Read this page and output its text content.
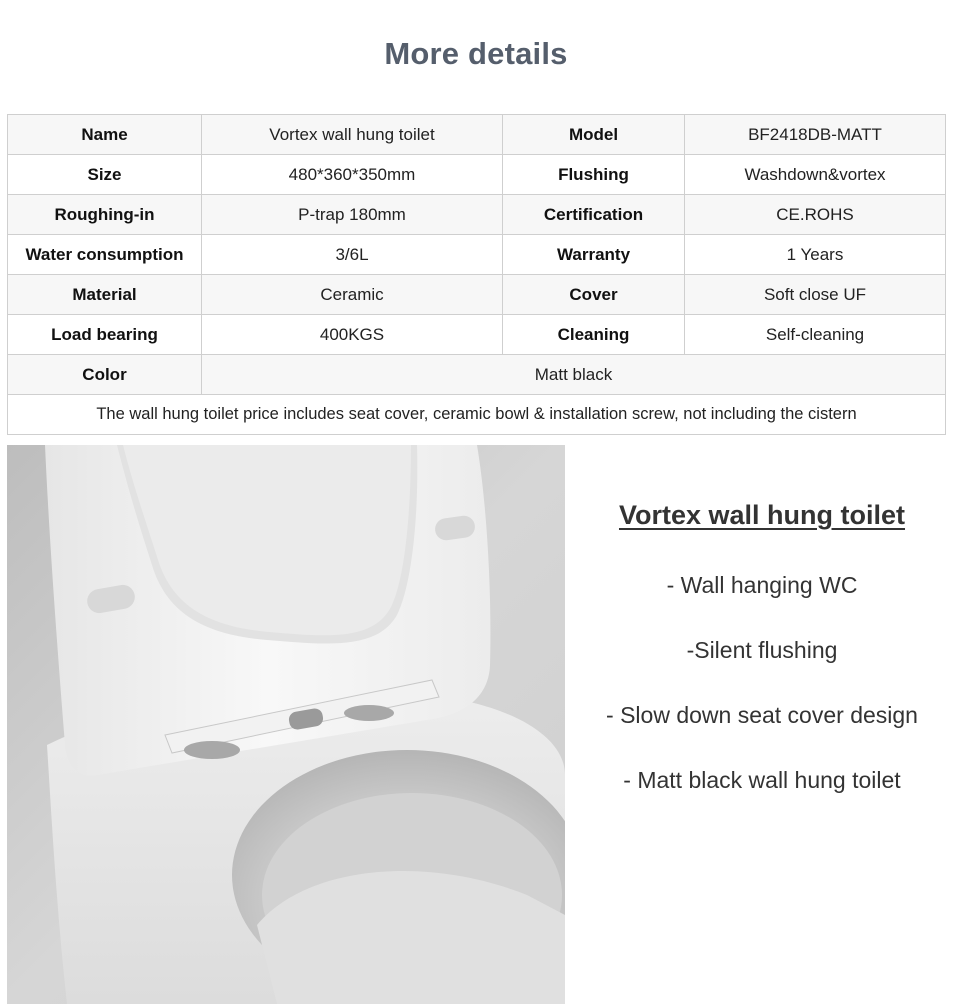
More details
Name	Vortex wall hung toilet	Model	BF2418DB-MATT
Size	480*360*350mm	Flushing	Washdown&vortex
Roughing-in	P-trap 180mm	Certification	CE.ROHS
Water consumption	3/6L	Warranty	1 Years
Material	Ceramic	Cover	Soft close UF
Load bearing	400KGS	Cleaning	Self-cleaning
Color	Matt black		
The wall hung toilet price includes seat cover, ceramic bowl & installation screw, not including the cistern			
Vortex wall hung toilet
- Wall hanging WC
-Silent flushing
- Slow down seat cover design
- Matt black wall hung toilet
